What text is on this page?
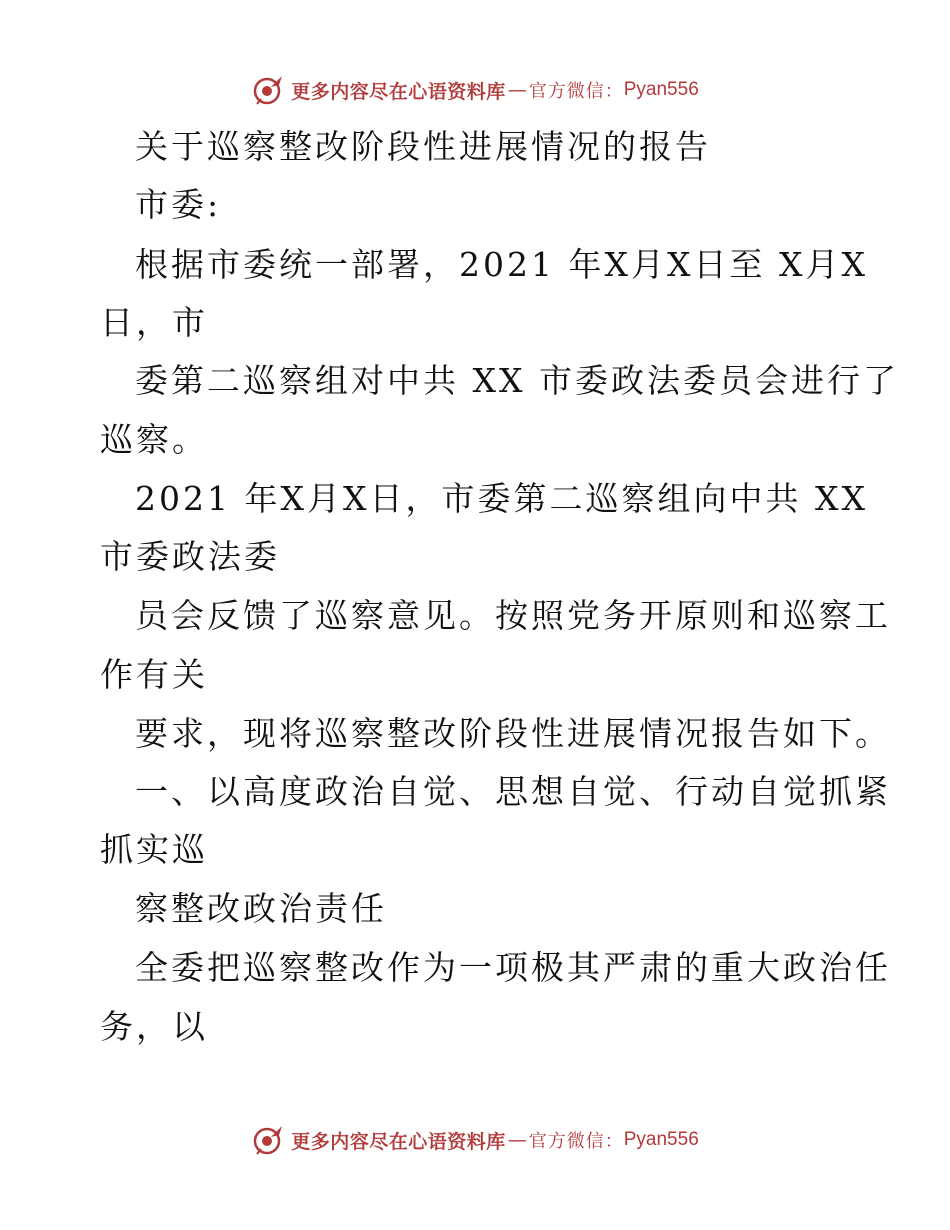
更多内容尽在心语资料库 — 官方微信： Pyan556
关于巡察整改阶段性进展情况的报告
市委:
根据市委统一部署，2021 年X月X日至 X月X
日，市
委第二巡察组对中共 XX 市委政法委员会进行了
巡察。
2021 年X月X日，市委第二巡察组向中共 XX
市委政法委
员会反馈了巡察意见。按照党务开原则和巡察工
作有关
要求，现将巡察整改阶段性进展情况报告如下。
一、以高度政治自觉、思想自觉、行动自觉抓紧
抓实巡
察整改政治责任
全委把巡察整改作为一项极其严肃的重大政治任
务，以
更多内容尽在心语资料库 — 官方微信： Pyan556
